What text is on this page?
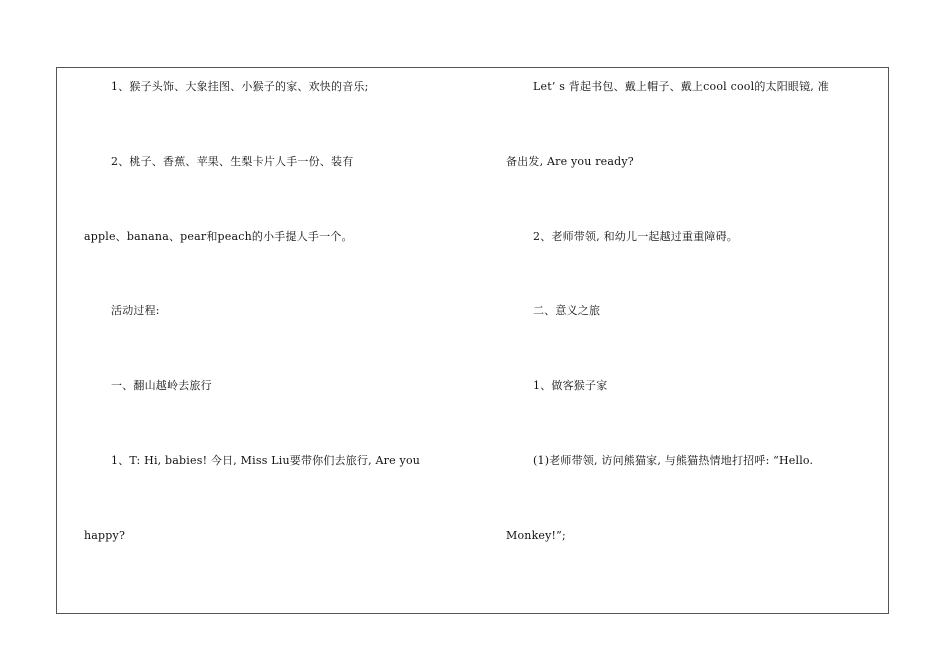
1、猴子头饰、大象挂图、小猴子的家、欢快的音乐;
2、桃子、香蕉、苹果、生梨卡片人手一份、装有
apple、banana、pear和peach的小手提人手一个。
活动过程:
一、翻山越岭去旅行
1、T: Hi, babies! 今日, Miss Liu要带你们去旅行, Are you
happy?
Let’ s 背起书包、戴上帽子、戴上cool cool的太阳眼镜, 准
备出发, Are you ready?
2、老师带领, 和幼儿一起越过重重障碍。
二、意义之旅
1、做客猴子家
(1)老师带领, 访问熊猫家, 与熊猫热情地打招呼: “Hello.
Monkey!”;
